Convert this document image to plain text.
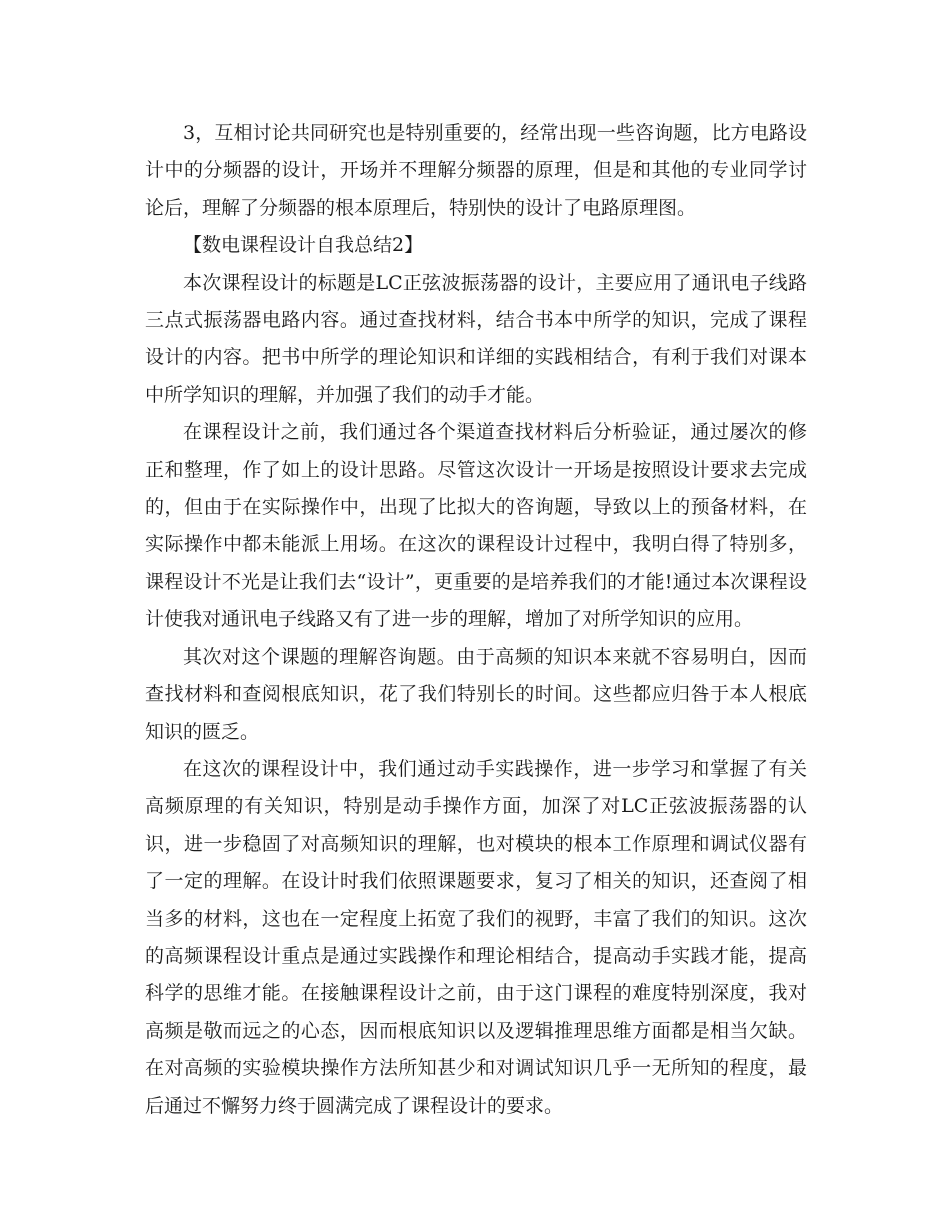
3，互相讨论共同研究也是特别重要的，经常出现一些咨询题，比方电路设计中的分频器的设计，开场并不理解分频器的原理，但是和其他的专业同学讨论后，理解了分频器的根本原理后，特别快的设计了电路原理图。

【数电课程设计自我总结2】

本次课程设计的标题是LC正弦波振荡器的设计，主要应用了通讯电子线路三点式振荡器电路内容。通过查找材料，结合书本中所学的知识，完成了课程设计的内容。把书中所学的理论知识和详细的实践相结合，有利于我们对课本中所学知识的理解，并加强了我们的动手才能。

在课程设计之前，我们通过各个渠道查找材料后分析验证，通过屡次的修正和整理，作了如上的设计思路。尽管这次设计一开场是按照设计要求去完成的，但由于在实际操作中，出现了比拟大的咨询题，导致以上的预备材料，在实际操作中都未能派上用场。在这次的课程设计过程中，我明白得了特别多，课程设计不光是让我们去“设计”，更重要的是培养我们的才能!通过本次课程设计使我对通讯电子线路又有了进一步的理解，增加了对所学知识的应用。

其次对这个课题的理解咨询题。由于高频的知识本来就不容易明白，因而查找材料和查阅根底知识，花了我们特别长的时间。这些都应归咎于本人根底知识的匮乏。

在这次的课程设计中，我们通过动手实践操作，进一步学习和掌握了有关高频原理的有关知识，特别是动手操作方面，加深了对LC正弦波振荡器的认识，进一步稳固了对高频知识的理解，也对模块的根本工作原理和调试仪器有了一定的理解。在设计时我们依照课题要求，复习了相关的知识，还查阅了相当多的材料，这也在一定程度上拓宽了我们的视野，丰富了我们的知识。这次的高频课程设计重点是通过实践操作和理论相结合，提高动手实践才能，提高科学的思维才能。在接触课程设计之前，由于这门课程的难度特别深度，我对高频是敬而远之的心态，因而根底知识以及逻辑推理思维方面都是相当欠缺。在对高频的实验模块操作方法所知甚少和对调试知识几乎一无所知的程度，最后通过不懈努力终于圆满完成了课程设计的要求。
